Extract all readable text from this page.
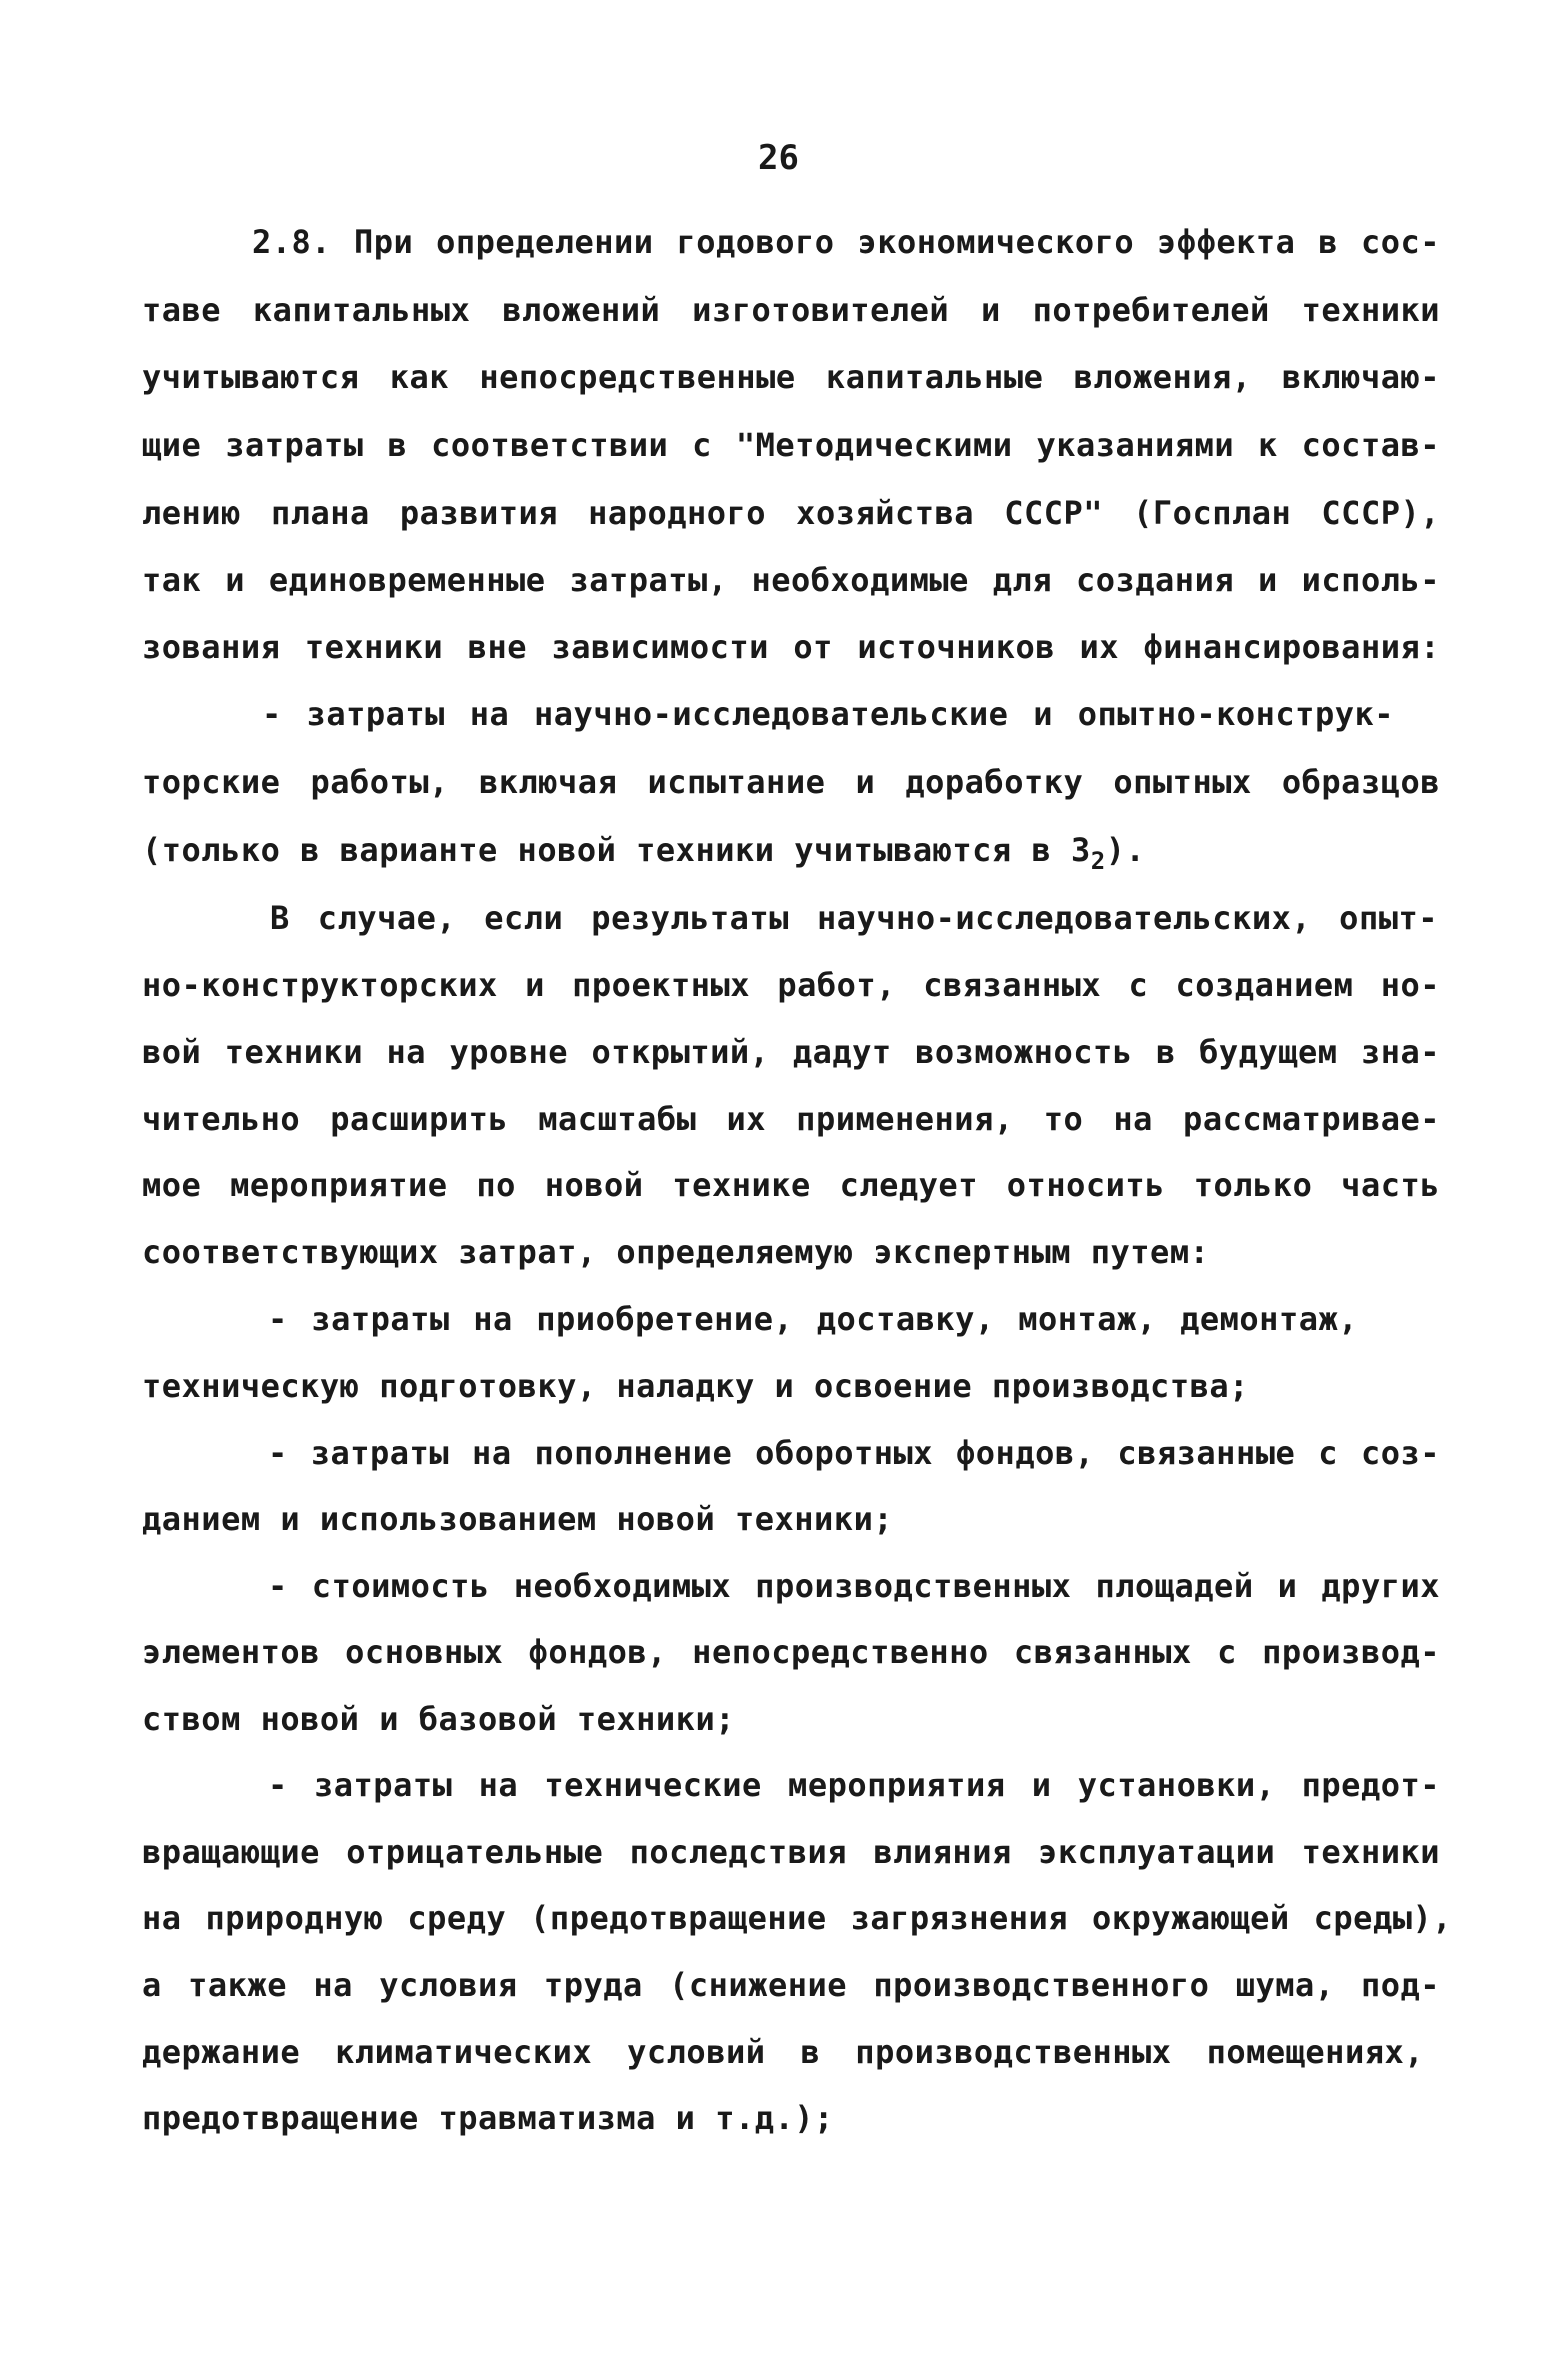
26
2.8. При определении годового экономического эффекта в сос-
таве капитальных вложений изготовителей и потребителей техники
учитываются как непосредственные капитальные вложения, включаю-
щие затраты в соответствии с "Методическими указаниями к состав-
лению плана развития народного хозяйства СССР" (Госплан СССР),
так и единовременные затраты, необходимые для создания и исполь-
зования техники вне зависимости от источников их финансирования:
- затраты на научно-исследовательские и опытно-конструк-
торские работы, включая испытание и доработку опытных образцов
(только в варианте новой техники учитываются в $З_2$).
В случае, если результаты научно-исследовательских, опыт-
но-конструкторских и проектных работ, связанных с созданием но-
вой техники на уровне открытий, дадут возможность в будущем зна-
чительно расширить масштабы их применения, то на рассматривае-
мое мероприятие по новой технике следует относить только часть
соответствующих затрат, определяемую экспертным путем:
- затраты на приобретение, доставку, монтаж, демонтаж,
техническую подготовку, наладку и освоение производства;
- затраты на пополнение оборотных фондов, связанные с соз-
данием и использованием новой техники;
- стоимость необходимых производственных площадей и других
элементов основных фондов, непосредственно связанных с производ-
ством новой и базовой техники;
- затраты на технические мероприятия и установки, предот-
вращающие отрицательные последствия влияния эксплуатации техники
на природную среду (предотвращение загрязнения окружающей среды),
а также на условия труда (снижение производственного шума, под-
держание климатических условий в производственных помещениях,
предотвращение травматизма и т.д.);
